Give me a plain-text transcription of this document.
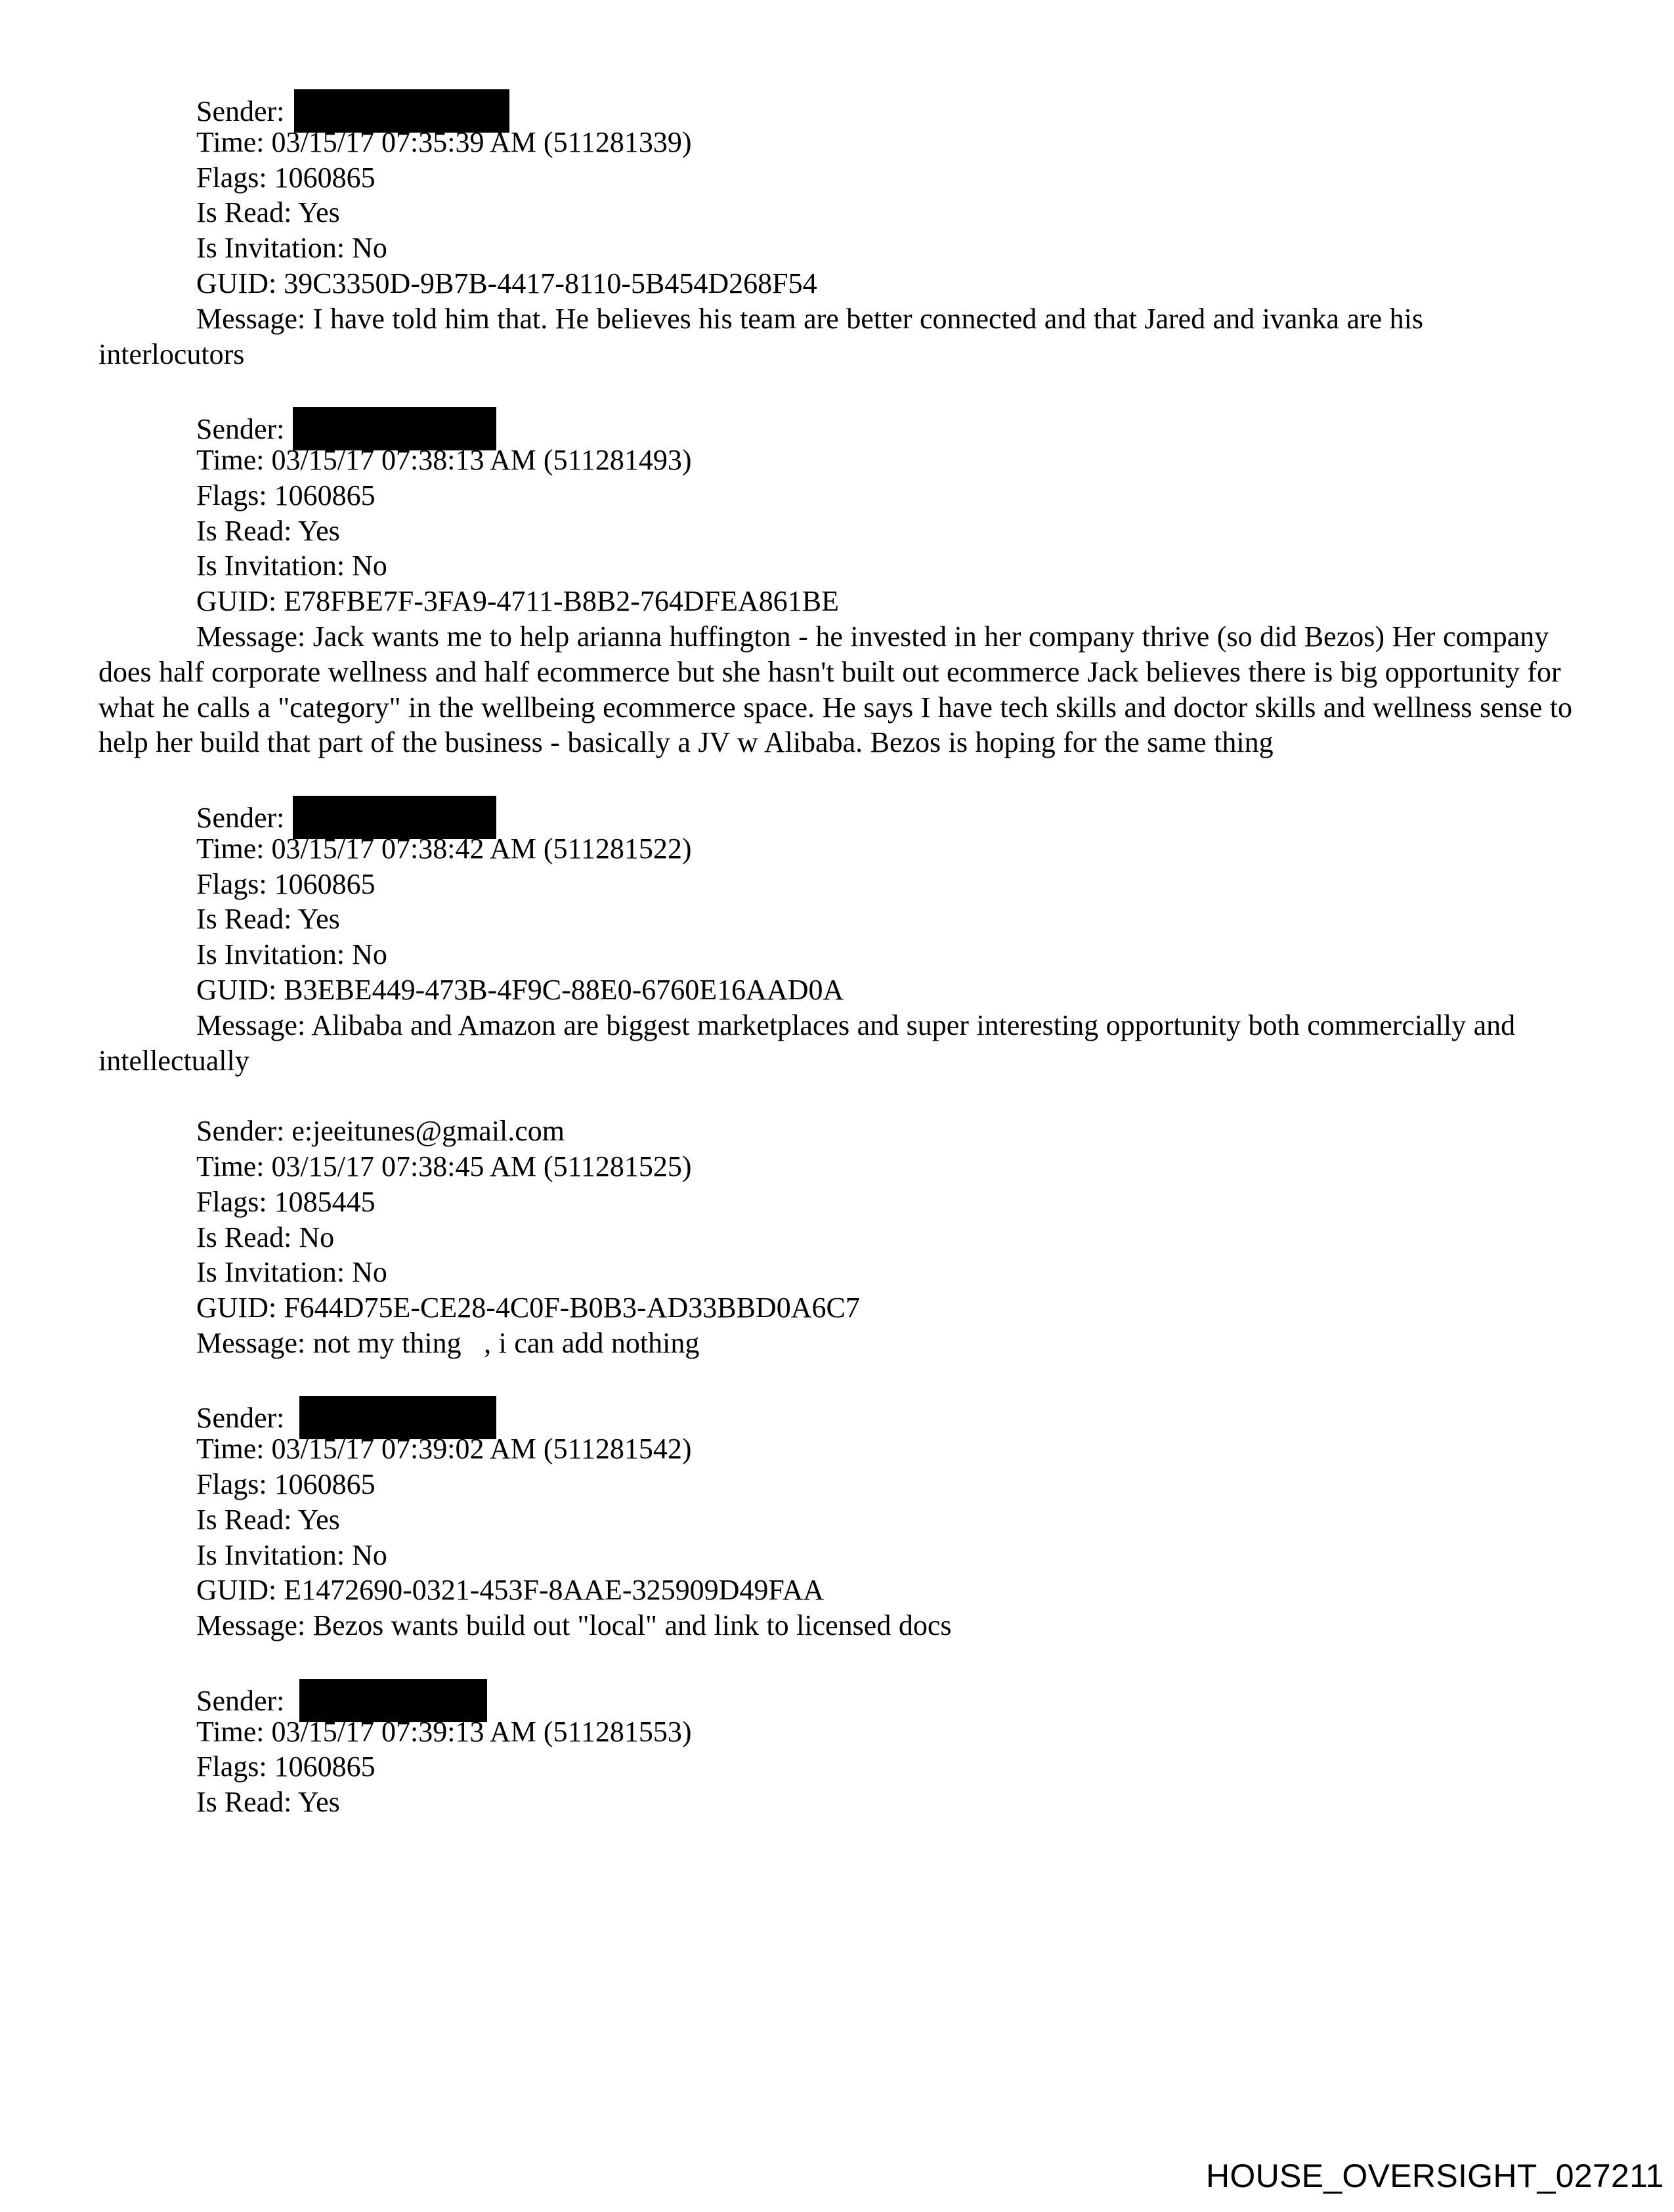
Sender:
Time: 03/15/17 07:35:39 AM (511281339)
Flags: 1060865
Is Read: Yes
Is Invitation: No
GUID: 39C3350D-9B7B-4417-8110-5B454D268F54
Message: I have told him that. He believes his team are better connected and that Jared and ivanka are his interlocutors
Sender:
Time: 03/15/17 07:38:13 AM (511281493)
Flags: 1060865
Is Read: Yes
Is Invitation: No
GUID: E78FBE7F-3FA9-4711-B8B2-764DFEA861BE
Message: Jack wants me to help arianna huffington - he invested in her company thrive (so did Bezos) Her company does half corporate wellness and half ecommerce but she hasn't built out ecommerce Jack believes there is big opportunity for what he calls a "category" in the wellbeing ecommerce space. He says I have tech skills and doctor skills and wellness sense to help her build that part of the business - basically a JV w Alibaba. Bezos is hoping for the same thing
Sender:
Time: 03/15/17 07:38:42 AM (511281522)
Flags: 1060865
Is Read: Yes
Is Invitation: No
GUID: B3EBE449-473B-4F9C-88E0-6760E16AAD0A
Message: Alibaba and Amazon are biggest marketplaces and super interesting opportunity both commercially and intellectually
Sender: e:jeeitunes@gmail.com
Time: 03/15/17 07:38:45 AM (511281525)
Flags: 1085445
Is Read: No
Is Invitation: No
GUID: F644D75E-CE28-4C0F-B0B3-AD33BBD0A6C7
Message: not my thing   , i can add nothing
Sender:
Time: 03/15/17 07:39:02 AM (511281542)
Flags: 1060865
Is Read: Yes
Is Invitation: No
GUID: E1472690-0321-453F-8AAE-325909D49FAA
Message: Bezos wants build out "local" and link to licensed docs
Sender:
Time: 03/15/17 07:39:13 AM (511281553)
Flags: 1060865
Is Read: Yes
HOUSE_OVERSIGHT_027211
